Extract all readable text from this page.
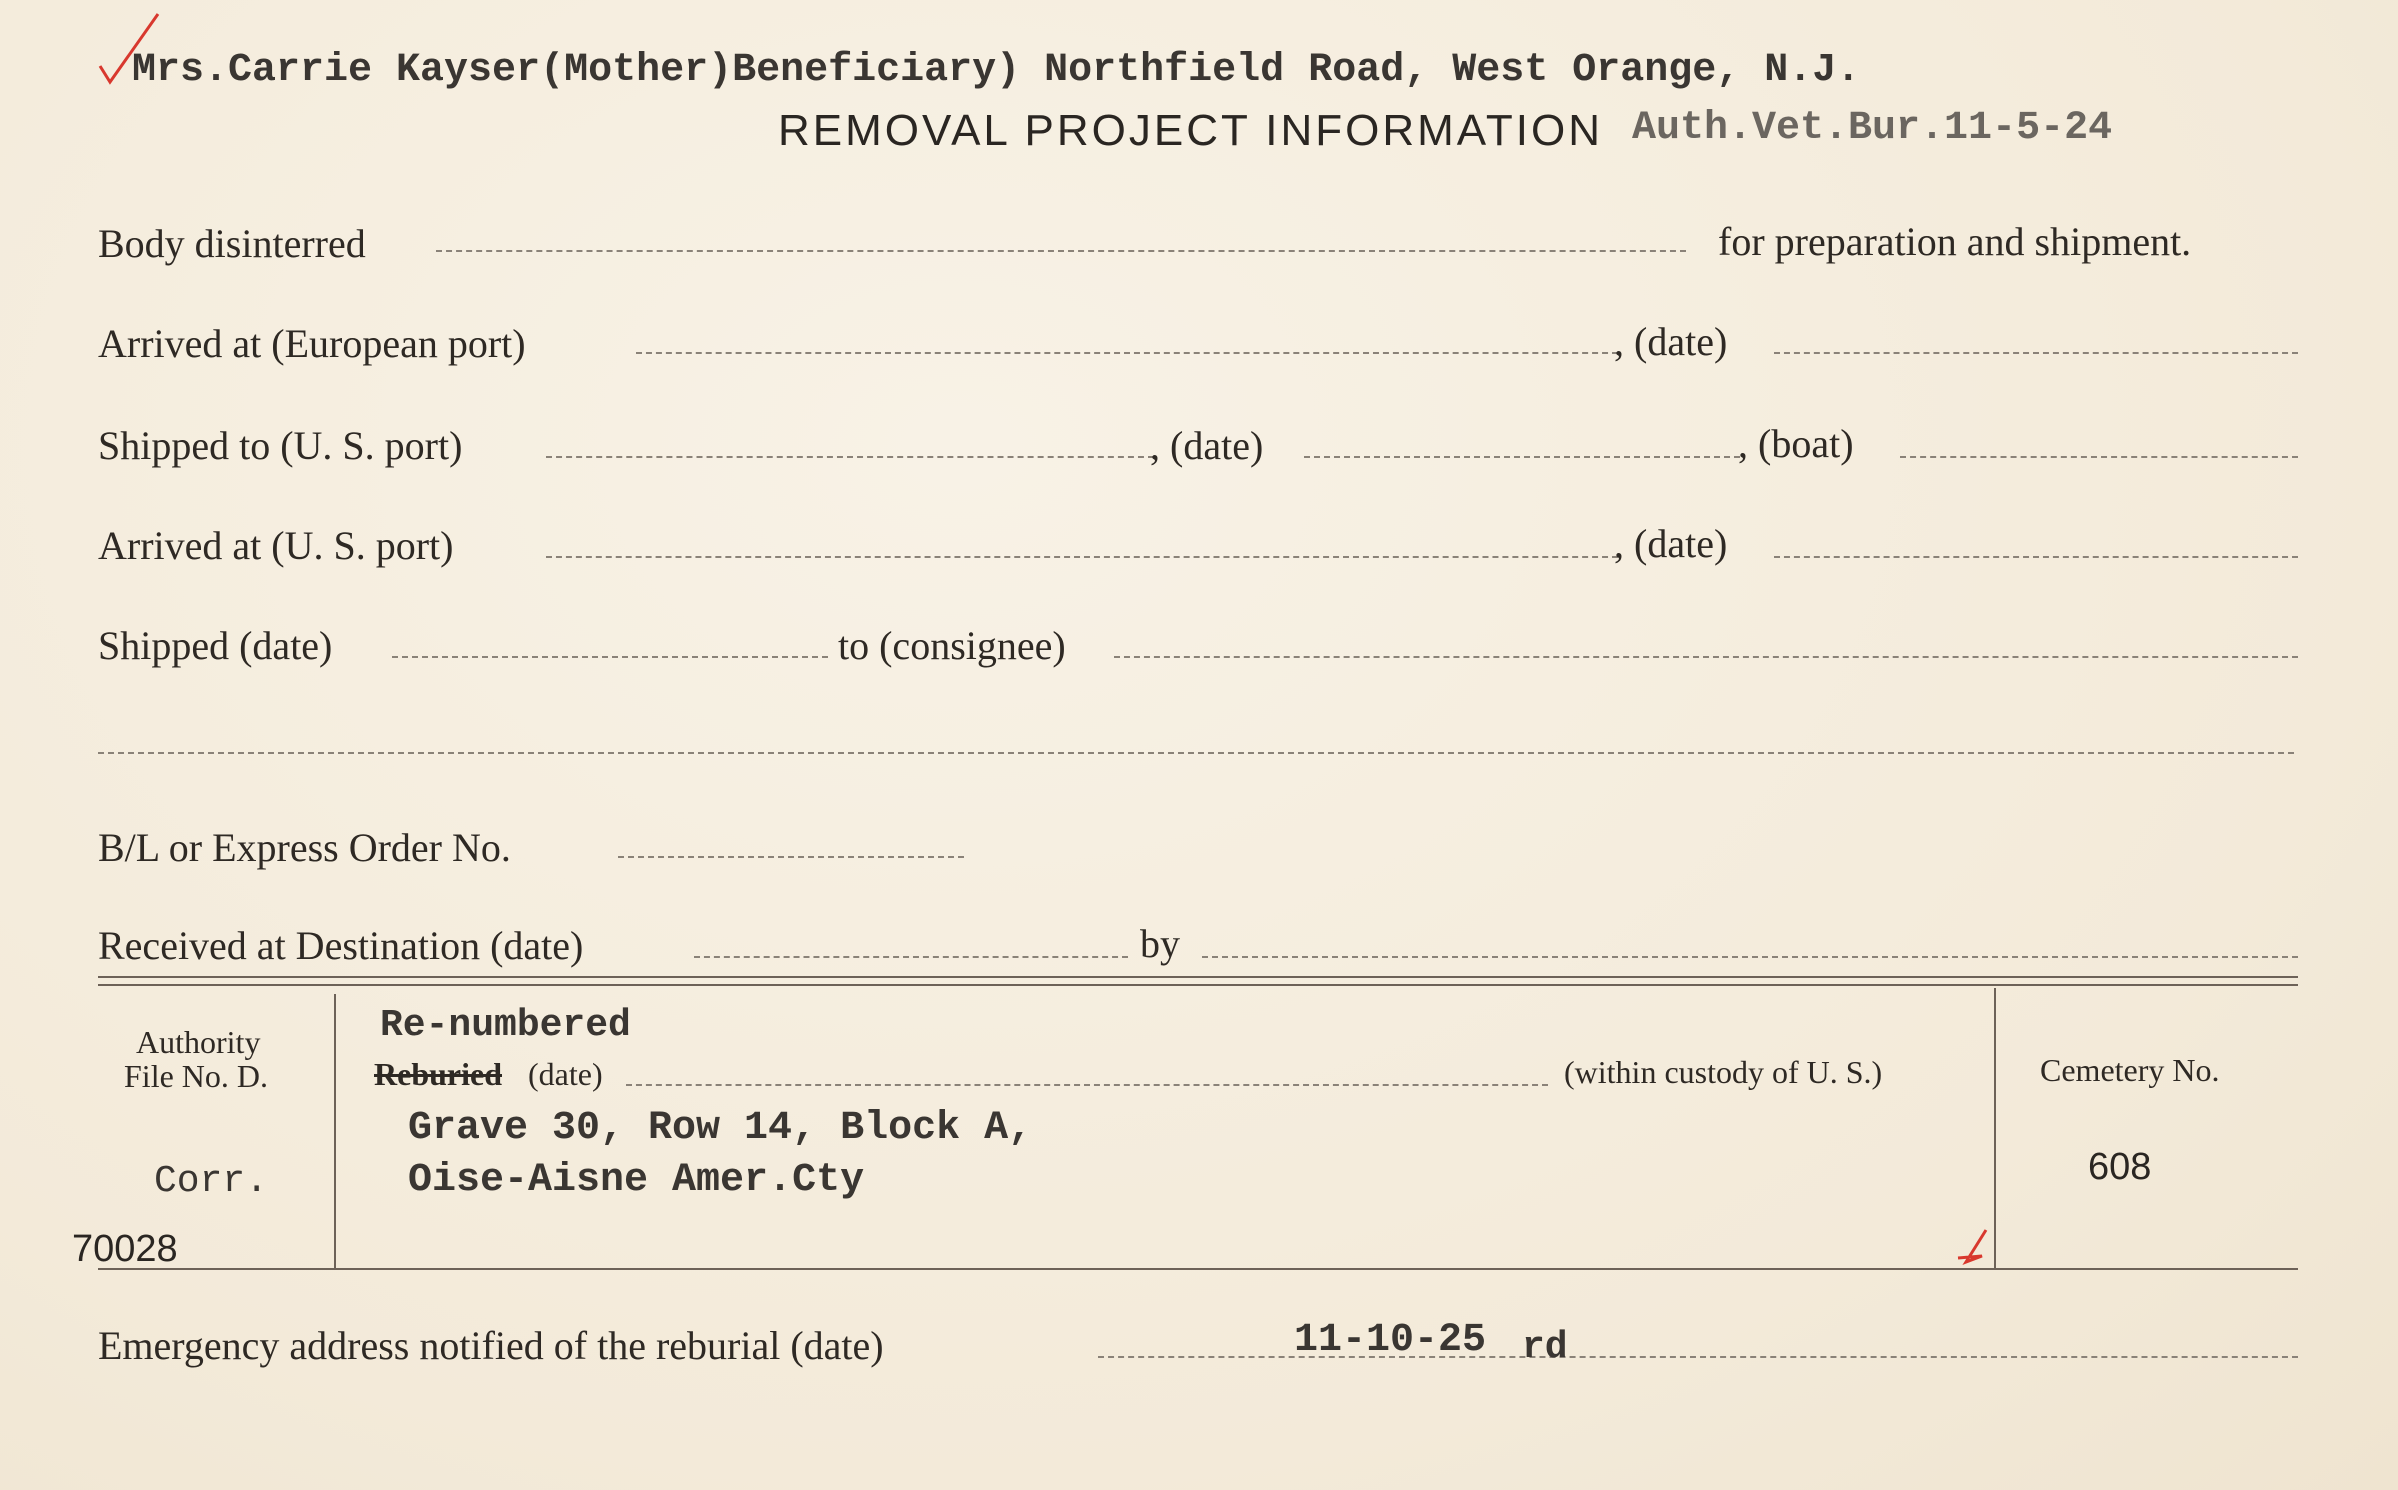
Mrs.Carrie Kayser(Mother)Beneficiary) Northfield Road, West Orange, N.J.
REMOVAL PROJECT INFORMATION Auth.Vet.Bur.11-5-24
Body disinterred	for preparation and shipment.
Arrived at (European port)	, (date)
Shipped to (U. S. port)	, (date)	, (boat)
Arrived at (U. S. port)	, (date)
Shipped (date)	to (consignee)
B/L or Express Order No.
Received at Destination (date)	by
Authority
File No. D.
Corr.
70028
Re-numbered
Reburied (date)	(within custody of U. S.)
Grave 30, Row 14, Block A,
Oise-Aisne Amer.Cty
Cemetery No.
608
Emergency address notified of the reburial (date)	11-10-25 rd
